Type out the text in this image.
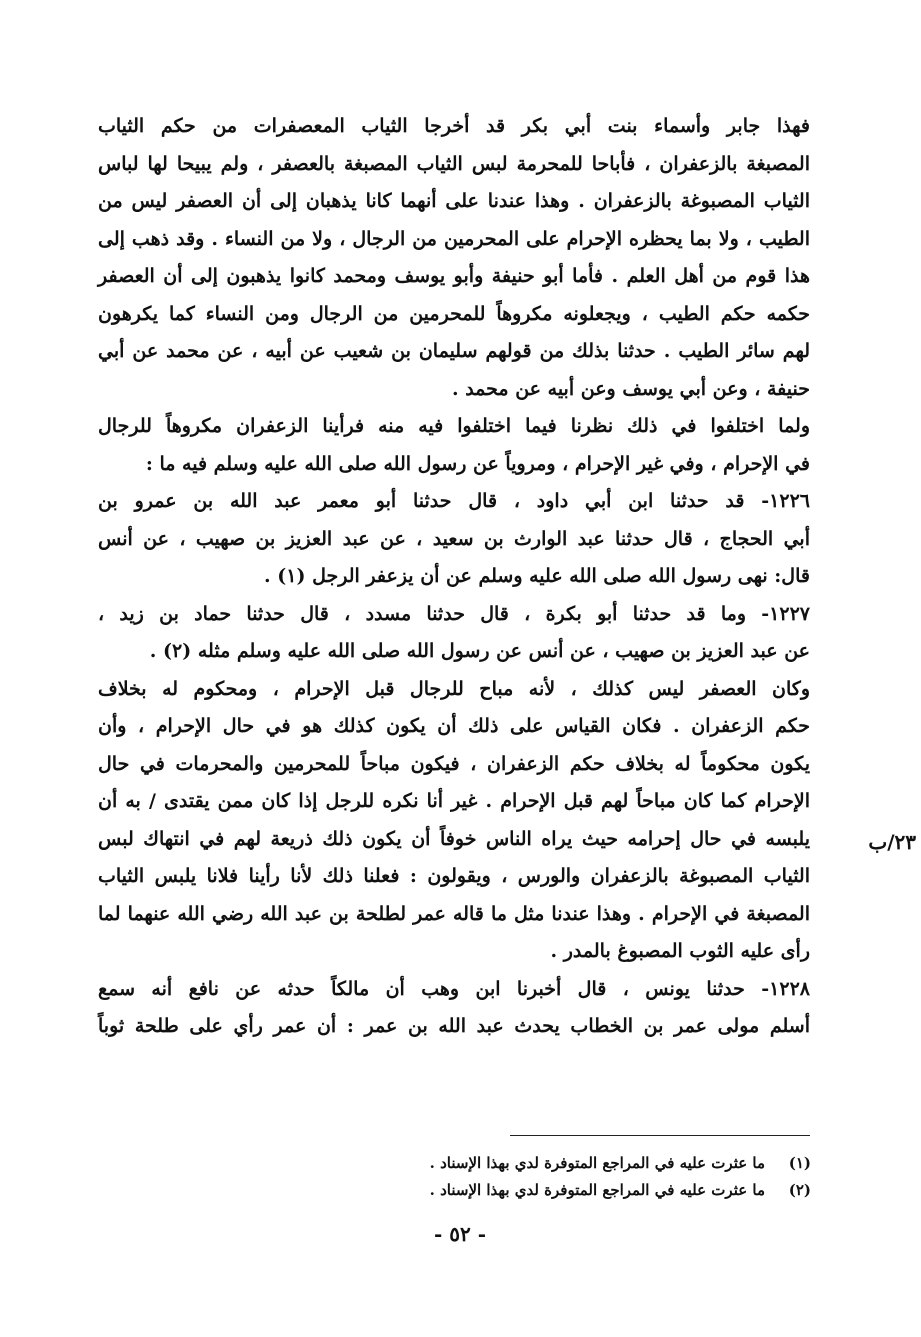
فهذا جابر وأسماء بنت أبي بكر قد أخرجا الثياب المعصفرات من حكم الثياب
المصبغة بالزعفران ، فأباحا للمحرمة لبس الثياب المصبغة بالعصفر ، ولم يبيحا لها لباس
الثياب المصبوغة بالزعفران . وهذا عندنا على أنهما كانا يذهبان إلى أن العصفر ليس من
الطيب ، ولا بما يحظره الإحرام على المحرمين من الرجال ، ولا من النساء . وقد ذهب إلى
هذا قوم من أهل العلم . فأما أبو حنيفة وأبو يوسف ومحمد كانوا يذهبون إلى أن العصفر
حكمه حكم الطيب ، ويجعلونه مكروهاً للمحرمين من الرجال ومن النساء كما يكرهون
لهم سائر الطيب . حدثنا بذلك من قولهم سليمان بن شعيب عن أبيه ، عن محمد عن أبي
حنيفة ، وعن أبي يوسف وعن أبيه عن محمد .
ولما اختلفوا في ذلك نظرنا فيما اختلفوا فيه منه فرأينا الزعفران مكروهاً للرجال
في الإحرام ، وفي غير الإحرام ، ومروياً عن رسول الله صلى الله عليه وسلم فيه ما :
١٢٢٦- قد حدثنا ابن أبي داود ، قال حدثنا أبو معمر عبد الله بن عمرو بن
أبي الحجاج ، قال حدثنا عبد الوارث بن سعيد ، عن عبد العزيز بن صهيب ، عن أنس
قال: نهى رسول الله صلى الله عليه وسلم عن أن يزعفر الرجل (١) .
١٢٢٧- وما قد حدثنا أبو بكرة ، قال حدثنا مسدد ، قال حدثنا حماد بن زيد ،
عن عبد العزيز بن صهيب ، عن أنس عن رسول الله صلى الله عليه وسلم مثله (٢) .
وكان العصفر ليس كذلك ، لأنه مباح للرجال قبل الإحرام ، ومحكوم له بخلاف
حكم الزعفران . فكان القياس على ذلك أن يكون كذلك هو في حال الإحرام ، وأن
يكون محكوماً له بخلاف حكم الزعفران ، فيكون مباحاً للمحرمين والمحرمات في حال
الإحرام كما كان مباحاً لهم قبل الإحرام . غير أنا نكره للرجل إذا كان ممن يقتدى / به أن
يلبسه في حال إحرامه حيث يراه الناس خوفاً أن يكون ذلك ذريعة لهم في انتهاك لبس
الثياب المصبوغة بالزعفران والورس ، ويقولون : فعلنا ذلك لأنا رأينا فلانا يلبس الثياب
المصبغة في الإحرام . وهذا عندنا مثل ما قاله عمر لطلحة بن عبد الله رضي الله عنهما لما
رأى عليه الثوب المصبوغ بالمدر .
١٢٢٨- حدثنا يونس ، قال أخبرنا ابن وهب أن مالكاً حدثه عن نافع أنه سمع
أسلم مولى عمر بن الخطاب يحدث عبد الله بن عمر : أن عمر رأي على طلحة ثوباً
٢٣/ب
(١)
ما عثرت عليه في المراجع المتوفرة لدي بهذا الإسناد .
(٢)
ما عثرت عليه في المراجع المتوفرة لدي بهذا الإسناد .
- ٥٢ -
